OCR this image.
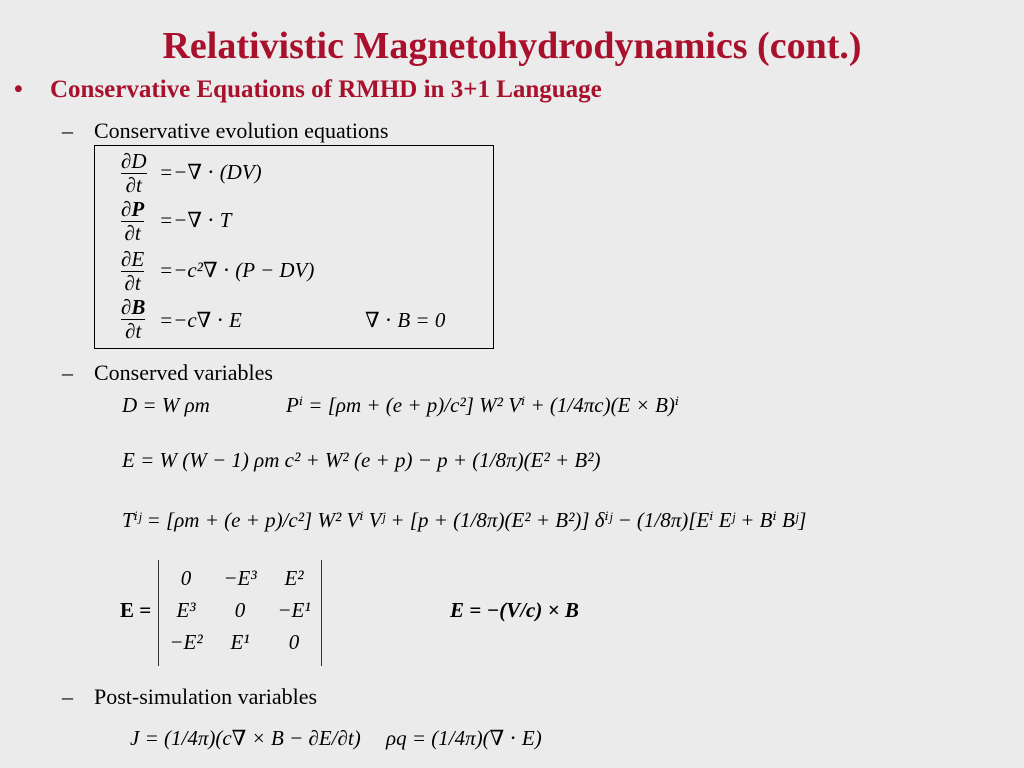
Relativistic Magnetohydrodynamics (cont.)
• Conservative Equations of RMHD in 3+1 Language
– Conservative evolution equations
∂D
∂t
=−∇ ⋅ (DV)
∂P
∂t
=−∇ ⋅ T
∂E
∂t
=−c²∇ ⋅ (P − DV)
∂B
∂t =−c∇ ⋅ E	∇ ⋅ B = 0
– Conserved variables
D = W ρm	Pⁱ = [ρm + (e + p)/c²] W² Vⁱ + (1/4πc)(E × B)ⁱ
E = W (W − 1) ρm c² + W² (e + p) − p + (1/8π)(E² + B²)
Tⁱʲ = [ρm + (e + p)/c²] W² Vⁱ Vʲ + [p + (1/8π)(E² + B²)] δⁱʲ − (1/8π)[Eⁱ Eʲ + Bⁱ Bʲ]
E =
0	−E³	E²
E³	0	−E¹
−E²	E¹	0
E = −(V/c) × B
– Post-simulation variables
J = (1/4π)(c∇ × B − ∂E/∂t) ρq = (1/4π)(∇ ⋅ E)
